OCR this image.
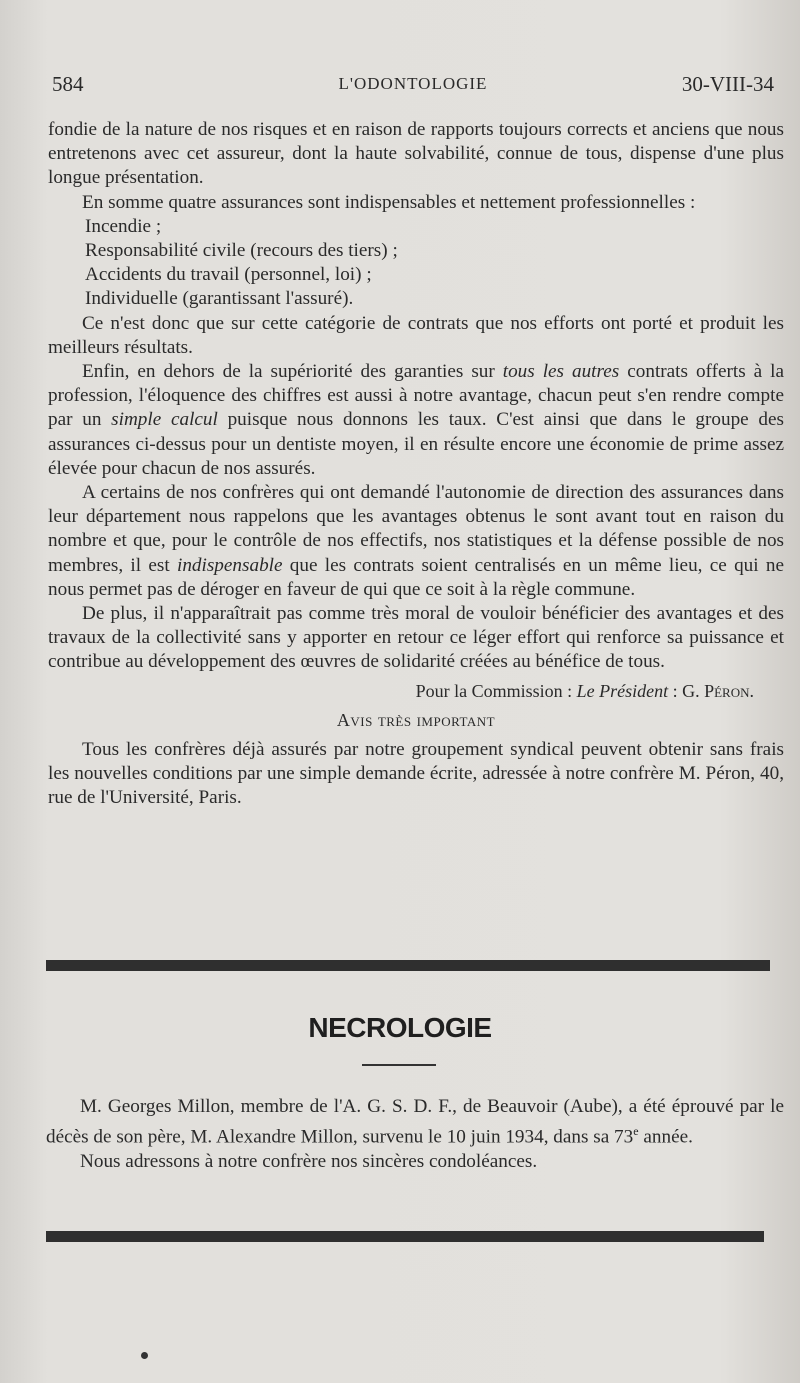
584	L'ODONTOLOGIE	30-VIII-34

fondie de la nature de nos risques et en raison de rapports toujours corrects et anciens que nous entretenons avec cet assureur, dont la haute solvabilité, connue de tous, dispense d'une plus longue présentation.

En somme quatre assurances sont indispensables et nettement professionnelles :

Incendie ;

Responsabilité civile (recours des tiers) ;

Accidents du travail (personnel, loi) ;

Individuelle (garantissant l'assuré).

Ce n'est donc que sur cette catégorie de contrats que nos efforts ont porté et produit les meilleurs résultats.

Enfin, en dehors de la supériorité des garanties sur tous les autres contrats offerts à la profession, l'éloquence des chiffres est aussi à notre avantage, chacun peut s'en rendre compte par un simple calcul puisque nous donnons les taux. C'est ainsi que dans le groupe des assurances ci-dessus pour un dentiste moyen, il en résulte encore une économie de prime assez élevée pour chacun de nos assurés.

A certains de nos confrères qui ont demandé l'autonomie de direction des assurances dans leur département nous rappelons que les avantages obtenus le sont avant tout en raison du nombre et que, pour le contrôle de nos effectifs, nos statistiques et la défense possible de nos membres, il est indispensable que les contrats soient centralisés en un même lieu, ce qui ne nous permet pas de déroger en faveur de qui que ce soit à la règle commune.

De plus, il n'apparaîtrait pas comme très moral de vouloir bénéficier des avantages et des travaux de la collectivité sans y apporter en retour ce léger effort qui renforce sa puissance et contribue au développement des œuvres de solidarité créées au bénéfice de tous.

Pour la Commission : Le Président : G. Péron.

Avis très important

Tous les confrères déjà assurés par notre groupement syndical peuvent obtenir sans frais les nouvelles conditions par une simple demande écrite, adressée à notre confrère M. Péron, 40, rue de l'Université, Paris.

NECROLOGIE

M. Georges Millon, membre de l'A. G. S. D. F., de Beauvoir (Aube), a été éprouvé par le décès de son père, M. Alexandre Millon, survenu le 10 juin 1934, dans sa 73e année.

Nous adressons à notre confrère nos sincères condoléances.
